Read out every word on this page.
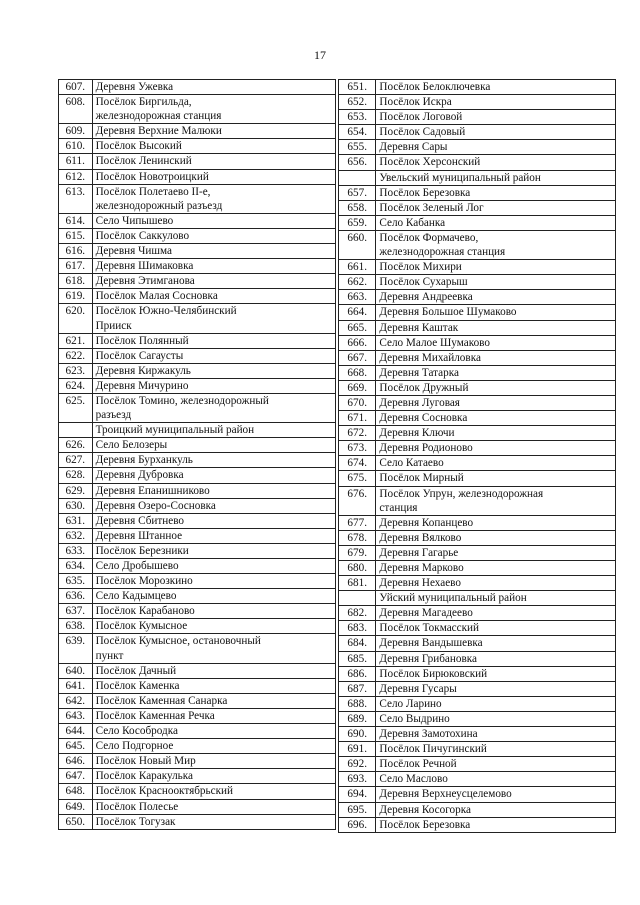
17
607.	Деревня Ужевка

608.	Посёлок Биргильда,
железнодорожная станция

609.	Деревня Верхние Малюки

610.	Посёлок Высокий

611.	Посёлок Ленинский

612.	Посёлок Новотроицкий

613.	Посёлок Полетаево II-е,
железнодорожный разъезд

614.	Село Чипышево

615.	Посёлок Саккулово

616.	Деревня Чишма

617.	Деревня Шимаковка

618.	Деревня Этимганова

619.	Посёлок Малая Сосновка

620.	Посёлок Южно-Челябинский
Прииск

621.	Посёлок Полянный

622.	Посёлок Сагаусты

623.	Деревня Киржакуль

624.	Деревня Мичурино

625.	Посёлок Томино, железнодорожный
разъезд

	Троицкий муниципальный район

626.	Село Белозеры

627.	Деревня Бурханкуль

628.	Деревня Дубровка

629.	Деревня Епанишниково

630.	Деревня Озеро-Сосновка

631.	Деревня Сбитнево

632.	Деревня Штанное

633.	Посёлок Березники

634.	Село Дробышево

635.	Посёлок Морозкино

636.	Село Кадымцево

637.	Посёлок Карабаново

638.	Посёлок Кумысное

639.	Посёлок Кумысное, остановочный
пункт

640.	Посёлок Дачный

641.	Посёлок Каменка

642.	Посёлок Каменная Санарка

643.	Посёлок Каменная Речка

644.	Село Кособродка

645.	Село Подгорное

646.	Посёлок Новый Мир

647.	Посёлок Каракулька

648.	Посёлок Краснооктябрьский

649.	Посёлок Полесье

650.	Посёлок Тогузак
651.	Посёлок Белоключевка

652.	Посёлок Искра

653.	Посёлок Логовой

654.	Посёлок Садовый

655.	Деревня Сары

656.	Посёлок Херсонский

	Увельский муниципальный район

657.	Посёлок Березовка

658.	Посёлок Зеленый Лог

659.	Село Кабанка

660.	Посёлок Формачево,
железнодорожная станция

661.	Посёлок Михири

662.	Посёлок Сухарыш

663.	Деревня Андреевка

664.	Деревня Большое Шумаково

665.	Деревня Каштак

666.	Село Малое Шумаково

667.	Деревня Михайловка

668.	Деревня Татарка

669.	Посёлок Дружный

670.	Деревня Луговая

671.	Деревня Сосновка

672.	Деревня Ключи

673.	Деревня Родионово

674.	Село Катаево

675.	Посёлок Мирный

676.	Посёлок Упрун, железнодорожная
станция

677.	Деревня Копанцево

678.	Деревня Вялково

679.	Деревня Гагарье

680.	Деревня Марково

681.	Деревня Нехаево

	Уйский муниципальный район

682.	Деревня Магадеево

683.	Посёлок Токмасский

684.	Деревня Вандышевка

685.	Деревня Грибановка

686.	Посёлок Бирюковский

687.	Деревня Гусары

688.	Село Ларино

689.	Село Выдрино

690.	Деревня Замотохина

691.	Посёлок Пичугинский

692.	Посёлок Речной

693.	Село Маслово

694.	Деревня Верхнеусцелемово

695.	Деревня Косогорка

696.	Посёлок Березовка
